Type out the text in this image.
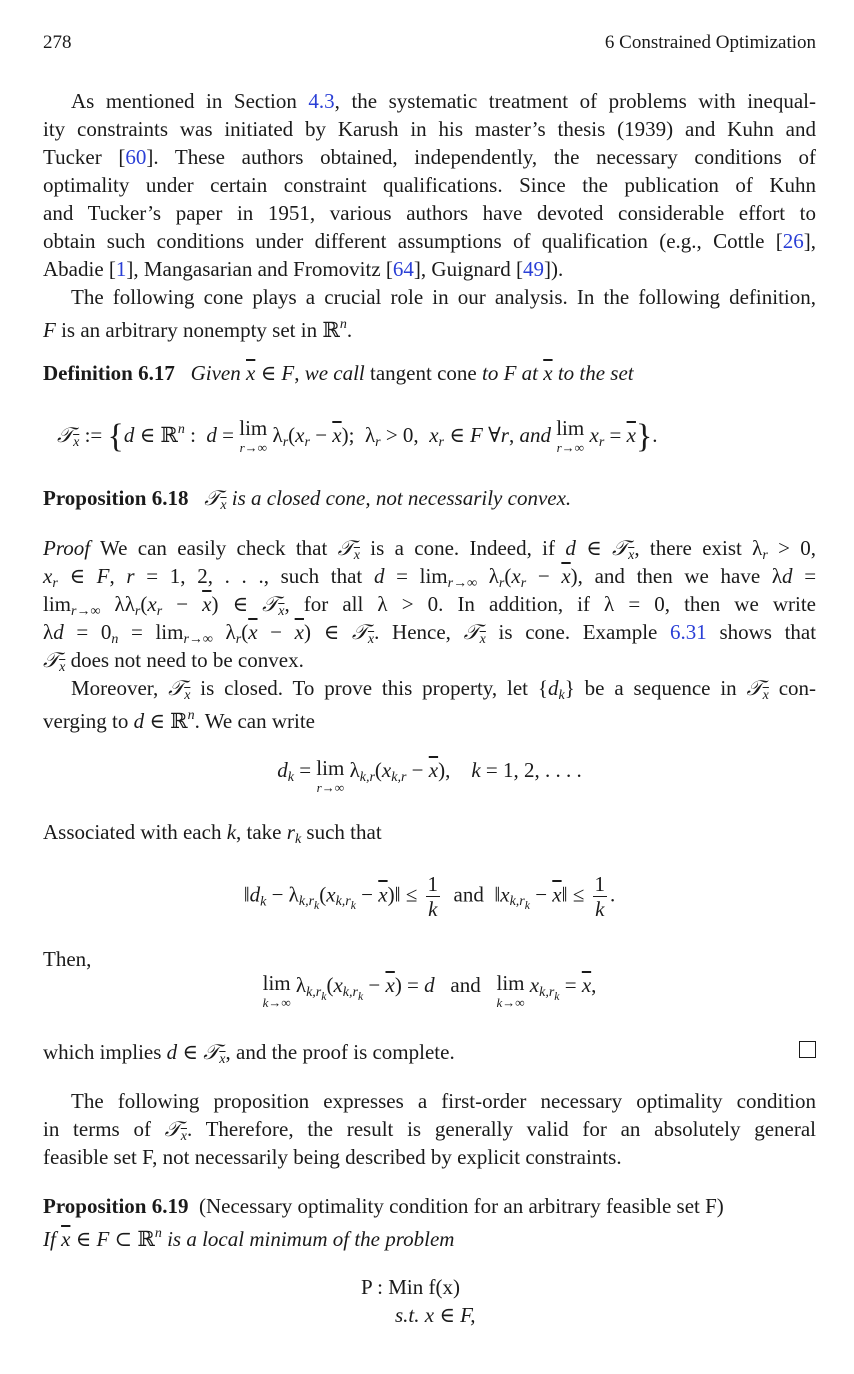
278	6 Constrained Optimization
As mentioned in Section 4.3, the systematic treatment of problems with inequal-
ity constraints was initiated by Karush in his master’s thesis (1939) and Kuhn and
Tucker [60]. These authors obtained, independently, the necessary conditions of
optimality under certain constraint qualifications. Since the publication of Kuhn
and Tucker’s paper in 1951, various authors have devoted considerable effort to
obtain such conditions under different assumptions of qualification (e.g., Cottle [26],
Abadie [1], Mangasarian and Fromovitz [64], Guignard [49]).
The following cone plays a crucial role in our analysis. In the following definition,
F is an arbitrary nonempty set in ℝ$^n$.
Definition 6.17 Given $\overline{x}$ ∈ F, we call tangent cone to F at $\overline{x}$ to the set
𝒯$_{\overline{x}}$ := {d ∈ ℝ$^n$ :  d = lim
r→∞
$\lambda_r(x_r - \overline{x})$;  $\lambda_r > 0$,  $x_r$ ∈ F ∀r, and lim
r→∞
$x_r = \overline{x}$}.
Proposition 6.18 𝒯$_{\overline{x}}$ is a closed cone, not necessarily convex.
Proof We can easily check that 𝒯$_{\overline{x}}$ is a cone. Indeed, if d ∈ 𝒯$_{\overline{x}}$, there exist $\lambda_r > 0$,
$x_r$ ∈ F, r = 1, 2, . . ., such that $d = \lim_{r\to\infty} \lambda_r(x_r - \overline{x})$, and then we have λd =
$\lim_{r\to\infty} \lambda\lambda_r(x_r - \overline{x})$ ∈ 𝒯$_{\overline{x}}$, for all λ > 0. In addition, if λ = 0, then we write
$\lambda d = 0_n = \lim_{r\to\infty} \lambda_r(\overline{x} - \overline{x})$ ∈ 𝒯$_{\overline{x}}$. Hence, 𝒯$_{\overline{x}}$ is cone. Example 6.31 shows that
𝒯$_{\overline{x}}$ does not need to be convex.
Moreover, 𝒯$_{\overline{x}}$ is closed. To prove this property, let $\{d_k\}$ be a sequence in 𝒯$_{\overline{x}}$ con-
verging to d ∈ ℝ$^n$. We can write
$d_k = \lim$
r→∞
$\lambda_{k,r}(x_{k,r} - \overline{x})$,    k = 1, 2, . . . .
Associated with each k, take $r_k$ such that
$‖d_k - \lambda_{k,r_k}(x_{k,r_k}$ − $\overline{x})‖ \le \frac{1}{k}$ and  $‖x_{k,r_k}$ − $\overline{x}‖ \le \frac{1}{k}$ .
Then,
lim
k→∞
$\lambda_{k,r_k}(x_{k,r_k} - \overline{x}) = d$ and lim
k→∞
$x_{k,r_k} = \overline{x}$,
which implies d ∈ 𝒯$_{\overline{x}}$, and the proof is complete.
The following proposition expresses a first-order necessary optimality condition
in terms of 𝒯$_{\overline{x}}$. Therefore, the result is generally valid for an absolutely general
feasible set F, not necessarily being described by explicit constraints.
Proposition 6.19 (Necessary optimality condition for an arbitrary feasible set F)
If $\overline{x}$ ∈ F ⊂ ℝ$^n$ is a local minimum of the problem
P : Min f(x)
s.t. x ∈ F,
